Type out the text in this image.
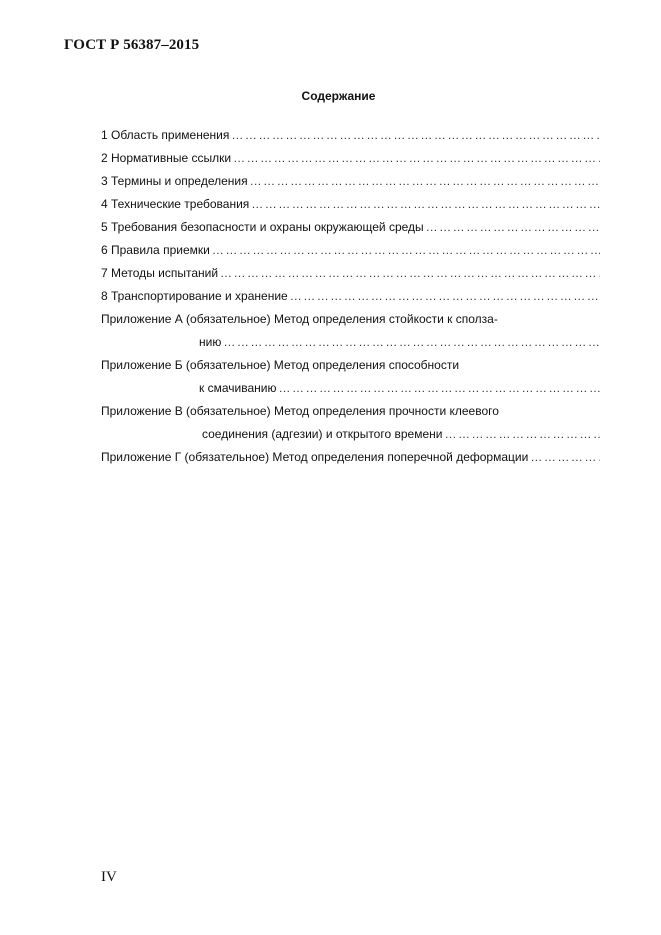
ГОСТ Р 56387–2015
Содержание
1 Область применения
………………………………………………………………………………………………………………………………………………………………
2 Нормативные ссылки
………………………………………………………………………………………………………………………………………………………………
3 Термины и определения
………………………………………………………………………………………………………………………………………………………………
4 Технические требования
………………………………………………………………………………………………………………………………………………………………
5 Требования безопасности и охраны окружающей среды
………………………………………………………………………………………………………………………………………………………………
6 Правила приемки
………………………………………………………………………………………………………………………………………………………………
7 Методы испытаний
………………………………………………………………………………………………………………………………………………………………
8 Транспортирование и хранение
………………………………………………………………………………………………………………………………………………………………
Приложение А (обязательное) Метод определения стойкости к сполза-
нию
………………………………………………………………………………………………………………………………………………………………
Приложение Б (обязательное) Метод определения способности
к смачиванию
………………………………………………………………………………………………………………………………………………………………
Приложение В (обязательное) Метод определения прочности клеевого
соединения (адгезии) и открытого времени
………………………………………………………………………………………………………………………………………………………………
Приложение Г (обязательное) Метод определения поперечной деформации
………………………………………………………………………………………………………………………………………………………………
IV
